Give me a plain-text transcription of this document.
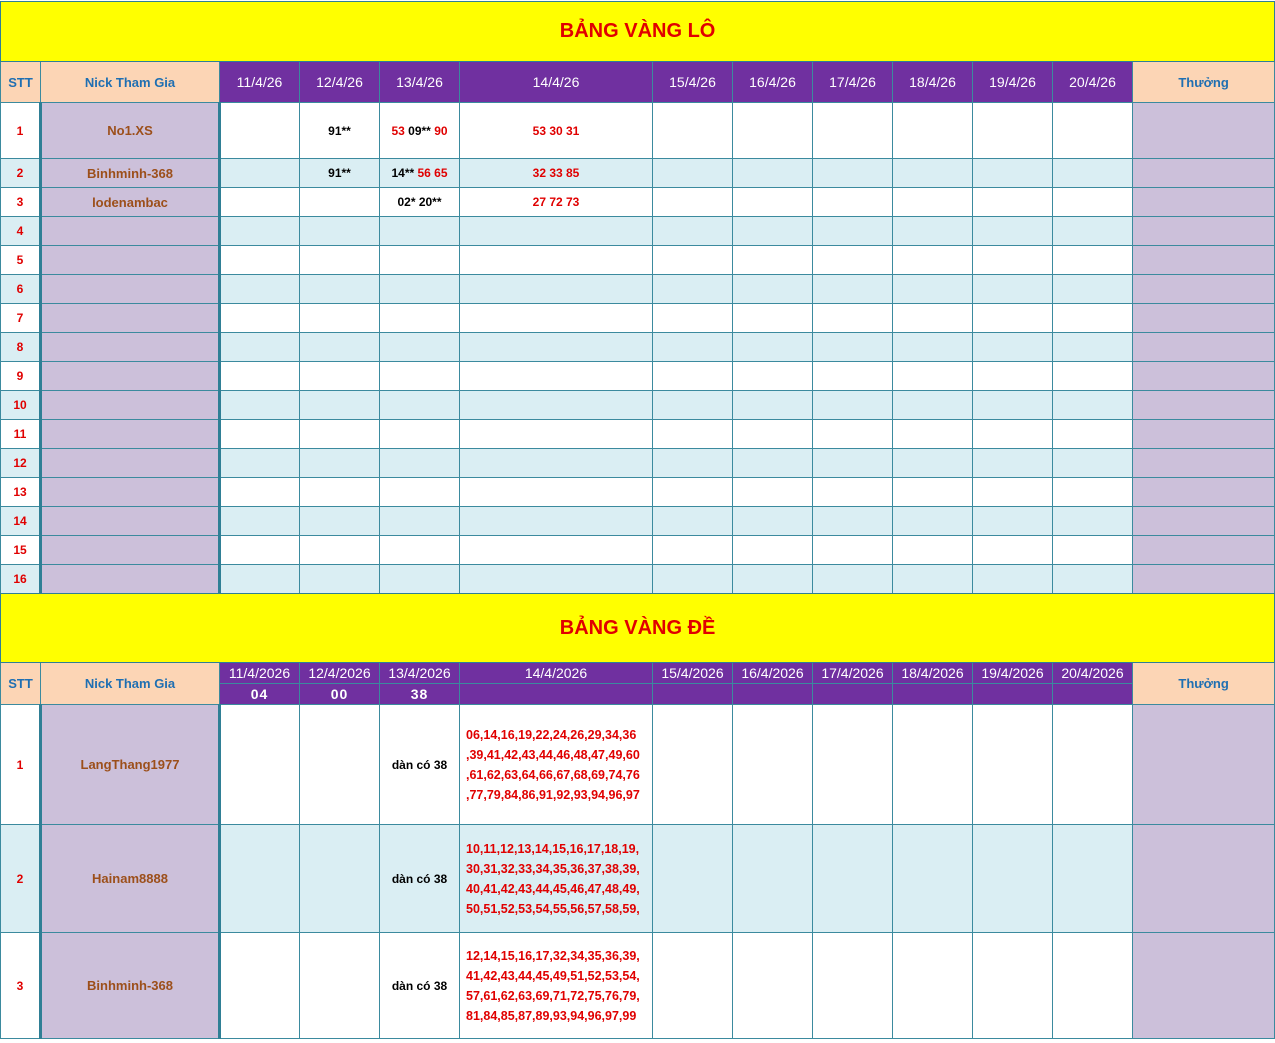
BẢNG VÀNG LÔ												
STT	Nick Tham Gia	11/4/26	12/4/26	13/4/26	14/4/26	15/4/26	16/4/26	17/4/26	18/4/26	19/4/26	20/4/26	Thưởng
1	No1.XS		91**	53 09** 90	53 30 31							
2	Binhminh-368		91**	14** 56 65	32 33 85							
3	lodenambac			02* 20**	27 72 73							
4												
5												
6												
7												
8												
9												
10												
11												
12												
13												
14												
15												
16												
BẢNG VÀNG ĐỀ												
STT	Nick Tham Gia	11/4/2026	12/4/2026	13/4/2026	14/4/2026	15/4/2026	16/4/2026	17/4/2026	18/4/2026	19/4/2026	20/4/2026	Thưởng
		04	00	38								
1	LangThang1977			dàn có 38	06,14,16,19,22,24,26,29,34,36
,39,41,42,43,44,46,48,47,49,60
,61,62,63,64,66,67,68,69,74,76
,77,79,84,86,91,92,93,94,96,97							

2	Hainam8888			dàn có 38	10,11,12,13,14,15,16,17,18,19,
30,31,32,33,34,35,36,37,38,39,
40,41,42,43,44,45,46,47,48,49,
50,51,52,53,54,55,56,57,58,59,							

3	Binhminh-368			dàn có 38	12,14,15,16,17,32,34,35,36,39,
41,42,43,44,45,49,51,52,53,54,
57,61,62,63,69,71,72,75,76,79,
81,84,85,87,89,93,94,96,97,99							
